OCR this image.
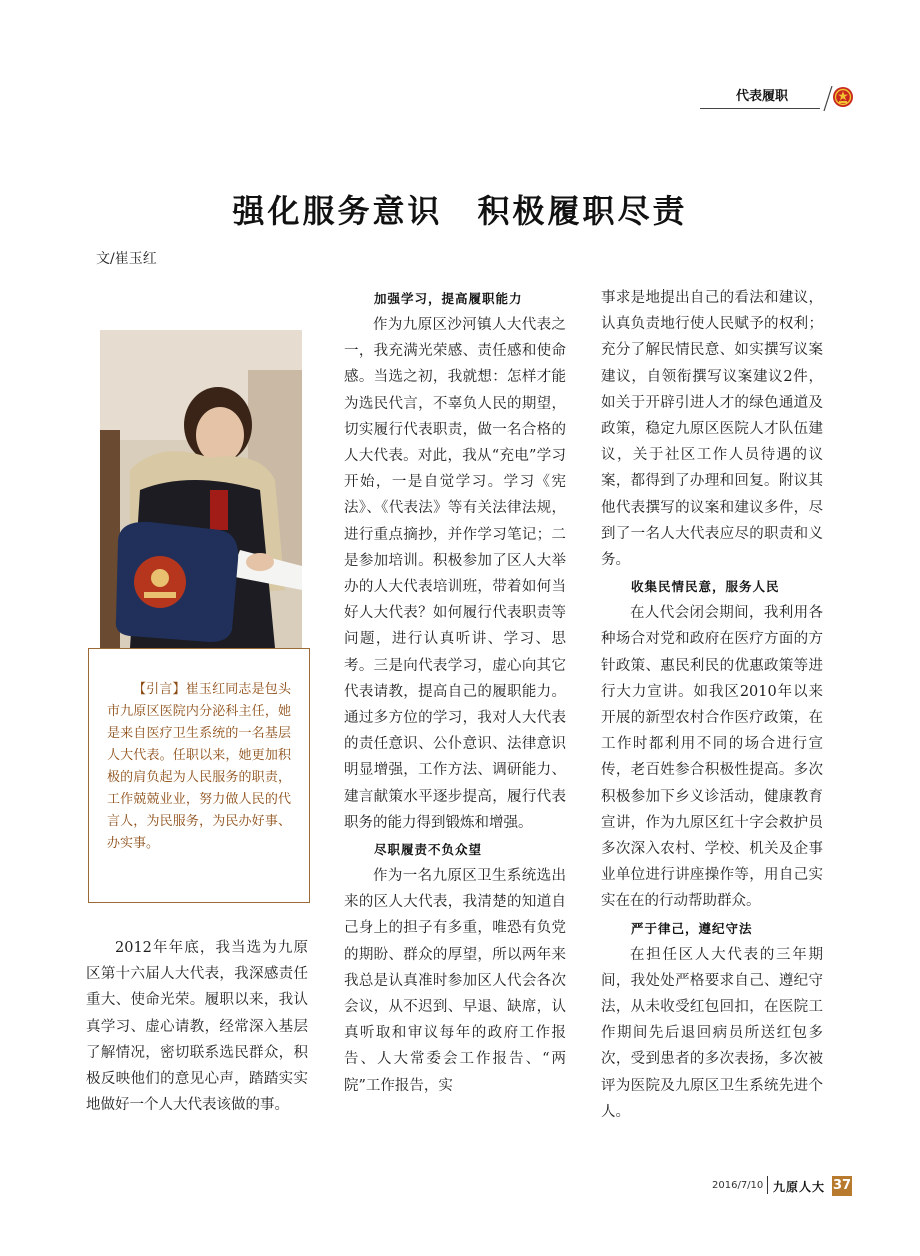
代表履职
强化服务意识　积极履职尽责
文/崔玉红

【引言】崔玉红同志是包头市九原区医院内分泌科主任，她是来自医疗卫生系统的一名基层人大代表。任职以来，她更加积极的肩负起为人民服务的职责，工作兢兢业业，努力做人民的代言人，为民服务，为民办好事、办实事。

2012年年底，我当选为九原区第十六届人大代表，我深感责任重大、使命光荣。履职以来，我认真学习、虚心请教，经常深入基层了解情况，密切联系选民群众，积极反映他们的意见心声，踏踏实实地做好一个人大代表该做的事。

加强学习，提高履职能力

作为九原区沙河镇人大代表之一，我充满光荣感、责任感和使命感。当选之初，我就想：怎样才能为选民代言，不辜负人民的期望，切实履行代表职责，做一名合格的人大代表。对此，我从“充电”学习开始，一是自觉学习。学习《宪法》、《代表法》等有关法律法规，进行重点摘抄，并作学习笔记；二是参加培训。积极参加了区人大举办的人大代表培训班，带着如何当好人大代表？如何履行代表职责等问题，进行认真听讲、学习、思考。三是向代表学习，虚心向其它代表请教，提高自己的履职能力。通过多方位的学习，我对人大代表的责任意识、公仆意识、法律意识明显增强，工作方法、调研能力、建言献策水平逐步提高，履行代表职务的能力得到锻炼和增强。

尽职履责不负众望

作为一名九原区卫生系统选出来的区人大代表，我清楚的知道自己身上的担子有多重，唯恐有负党的期盼、群众的厚望，所以两年来我总是认真准时参加区人代会各次会议，从不迟到、早退、缺席，认真听取和审议每年的政府工作报告、人大常委会工作报告、“两院”工作报告，实

事求是地提出自己的看法和建议，认真负责地行使人民赋予的权利；充分了解民情民意、如实撰写议案建议，自领衔撰写议案建议2件，如关于开辟引进人才的绿色通道及政策，稳定九原区医院人才队伍建议，关于社区工作人员待遇的议案，都得到了办理和回复。附议其他代表撰写的议案和建议多件，尽到了一名人大代表应尽的职责和义务。

收集民情民意，服务人民

在人代会闭会期间，我利用各种场合对党和政府在医疗方面的方针政策、惠民利民的优惠政策等进行大力宣讲。如我区2010年以来开展的新型农村合作医疗政策，在工作时都利用不同的场合进行宣传，老百姓参合积极性提高。多次积极参加下乡义诊活动，健康教育宣讲，作为九原区红十字会救护员多次深入农村、学校、机关及企事业单位进行讲座操作等，用自己实实在在的行动帮助群众。

严于律己，遵纪守法

在担任区人大代表的三年期间，我处处严格要求自己、遵纪守法，从未收受红包回扣，在医院工作期间先后退回病员所送红包多次，受到患者的多次表扬，多次被评为医院及九原区卫生系统先进个人。

2016/7/10 九原人大 37
